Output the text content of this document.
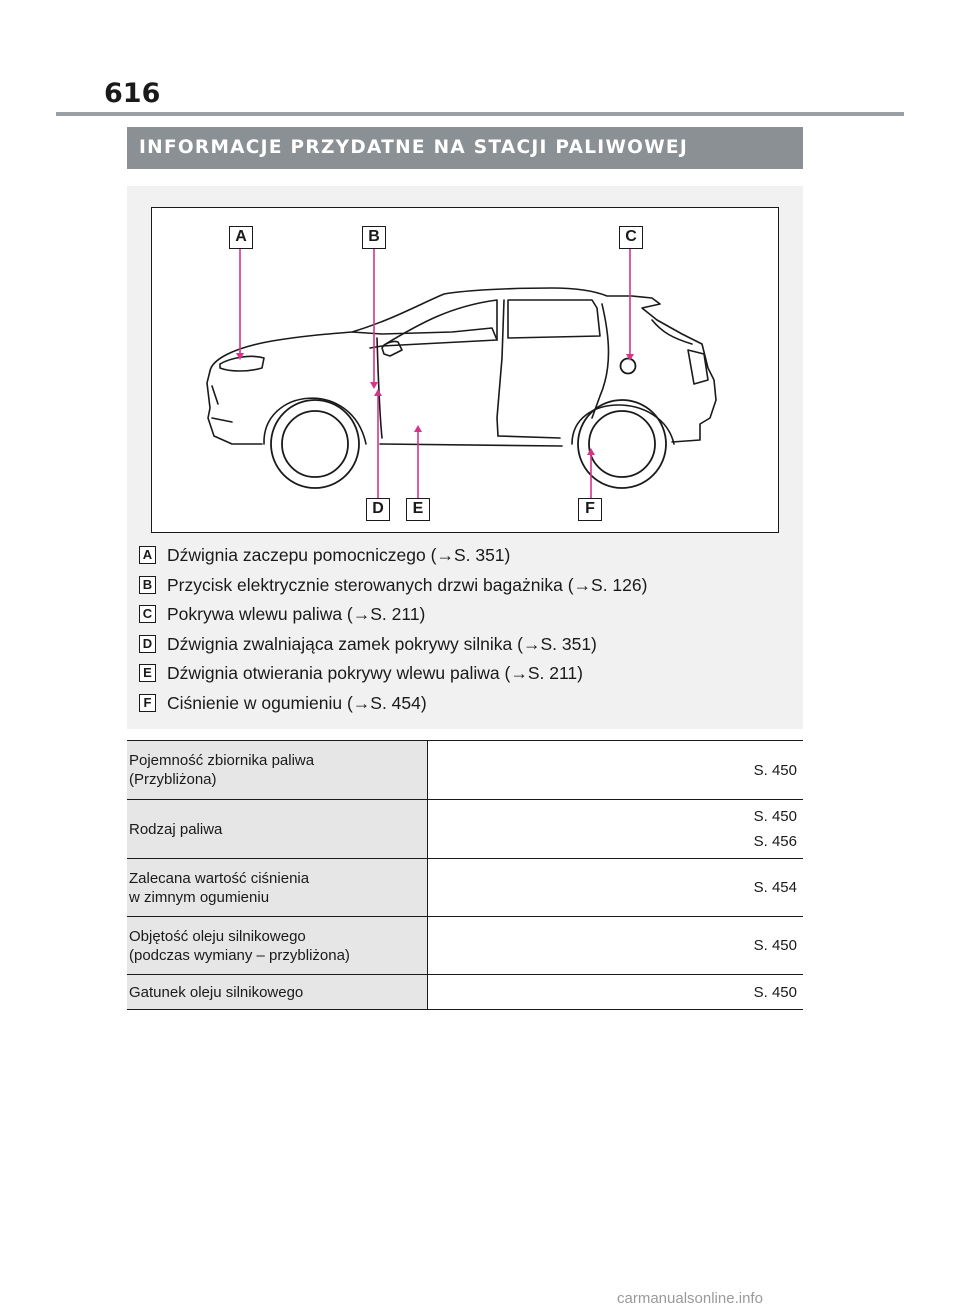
616
INFORMACJE PRZYDATNE NA STACJI PALIWOWEJ
A	B	C
D	E	F
A Dźwignia zaczepu pomocniczego (→S. 351)
B Przycisk elektrycznie sterowanych drzwi bagażnika (→S. 126)
C Pokrywa wlewu paliwa (→S. 211)
D Dźwignia zwalniająca zamek pokrywy silnika (→S. 351)
E Dźwignia otwierania pokrywy wlewu paliwa (→S. 211)
F Ciśnienie w ogumieniu (→S. 454)
Pojemność zbiornika paliwa
(Przybliżona)	S. 450

Rodzaj paliwa	S. 450
S. 456

Zalecana wartość ciśnienia
w zimnym ogumieniu	S. 454

Objętość oleju silnikowego
(podczas wymiany – przybliżona)	S. 450

Gatunek oleju silnikowego	S. 450
carmanualsonline.info
